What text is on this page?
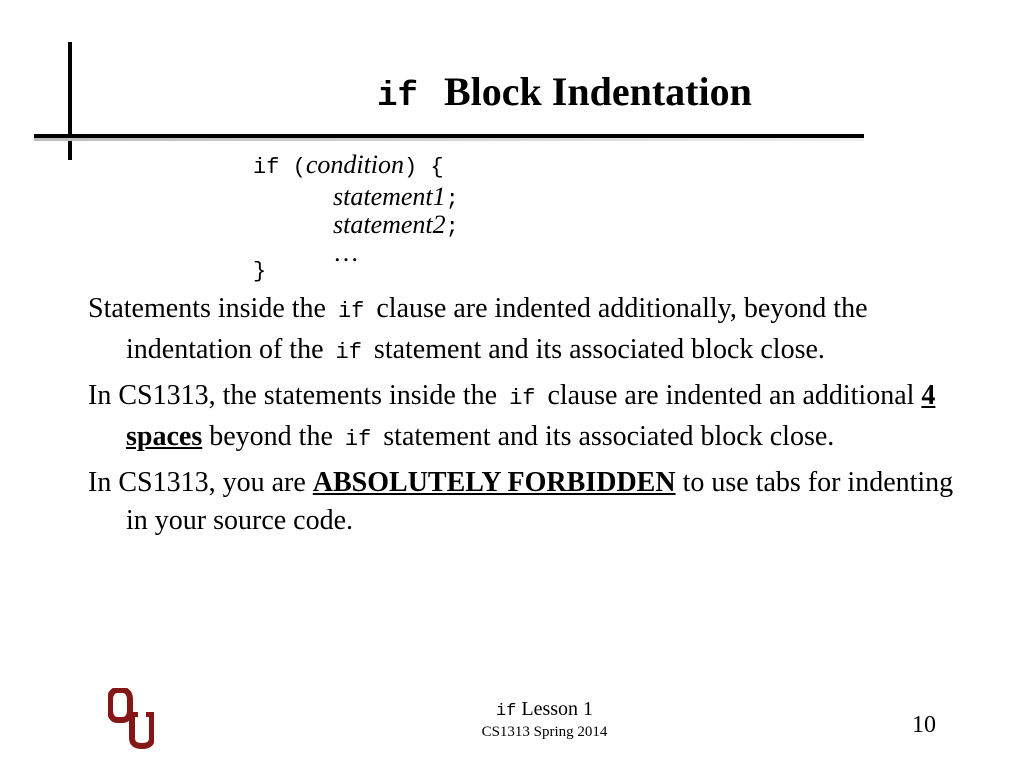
if Block Indentation
if (condition) {
statement1;
statement2;
…
}
Statements inside the if clause are indented additionally, beyond the indentation of the if statement and its associated block close.
In CS1313, the statements inside the if clause are indented an additional 4 spaces beyond the if statement and its associated block close.
In CS1313, you are ABSOLUTELY FORBIDDEN to use tabs for indenting in your source code.
if Lesson 1
CS1313 Spring 2014	10
